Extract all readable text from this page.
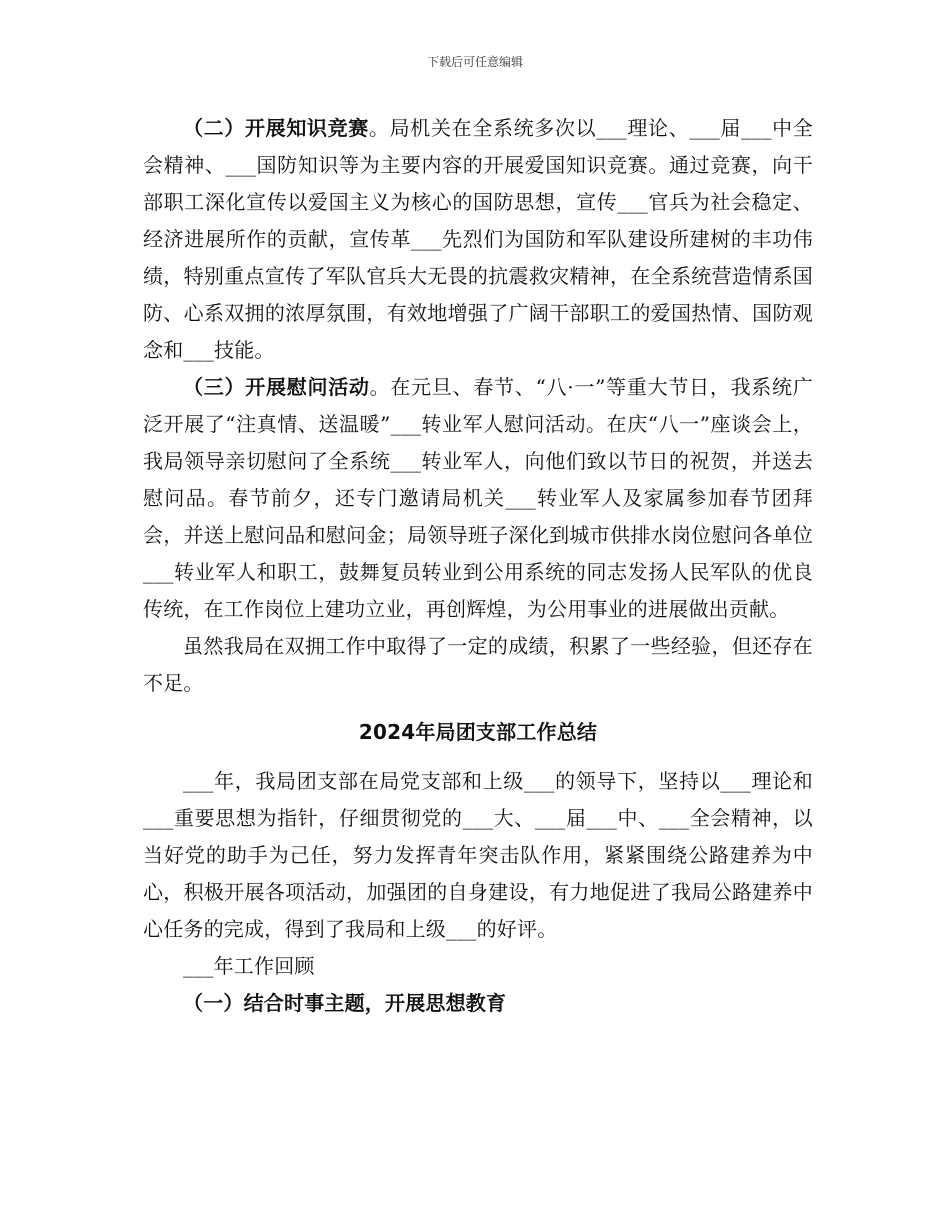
下载后可任意编辑

（二）开展知识竞赛。局机关在全系统多次以___理论、___届___中全会精神、___国防知识等为主要内容的开展爱国知识竞赛。通过竞赛，向干部职工深化宣传以爱国主义为核心的国防思想，宣传___官兵为社会稳定、经济进展所作的贡献，宣传革___先烈们为国防和军队建设所建树的丰功伟绩，特别重点宣传了军队官兵大无畏的抗震救灾精神，在全系统营造情系国防、心系双拥的浓厚氛围，有效地增强了广阔干部职工的爱国热情、国防观念和___技能。

（三）开展慰问活动。在元旦、春节、“八·一”等重大节日，我系统广泛开展了“注真情、送温暖”___转业军人慰问活动。在庆“八一”座谈会上，我局领导亲切慰问了全系统___转业军人，向他们致以节日的祝贺，并送去慰问品。春节前夕，还专门邀请局机关___转业军人及家属参加春节团拜会，并送上慰问品和慰问金；局领导班子深化到城市供排水岗位慰问各单位___转业军人和职工，鼓舞复员转业到公用系统的同志发扬人民军队的优良传统，在工作岗位上建功立业，再创辉煌，为公用事业的进展做出贡献。

虽然我局在双拥工作中取得了一定的成绩，积累了一些经验，但还存在不足。

2024年局团支部工作总结

___年，我局团支部在局党支部和上级___的领导下，坚持以___理论和___重要思想为指针，仔细贯彻党的___大、___届___中、___全会精神，以当好党的助手为己任，努力发挥青年突击队作用，紧紧围绕公路建养为中心，积极开展各项活动，加强团的自身建设，有力地促进了我局公路建养中心任务的完成，得到了我局和上级___的好评。

___年工作回顾

（一）结合时事主题，开展思想教育
